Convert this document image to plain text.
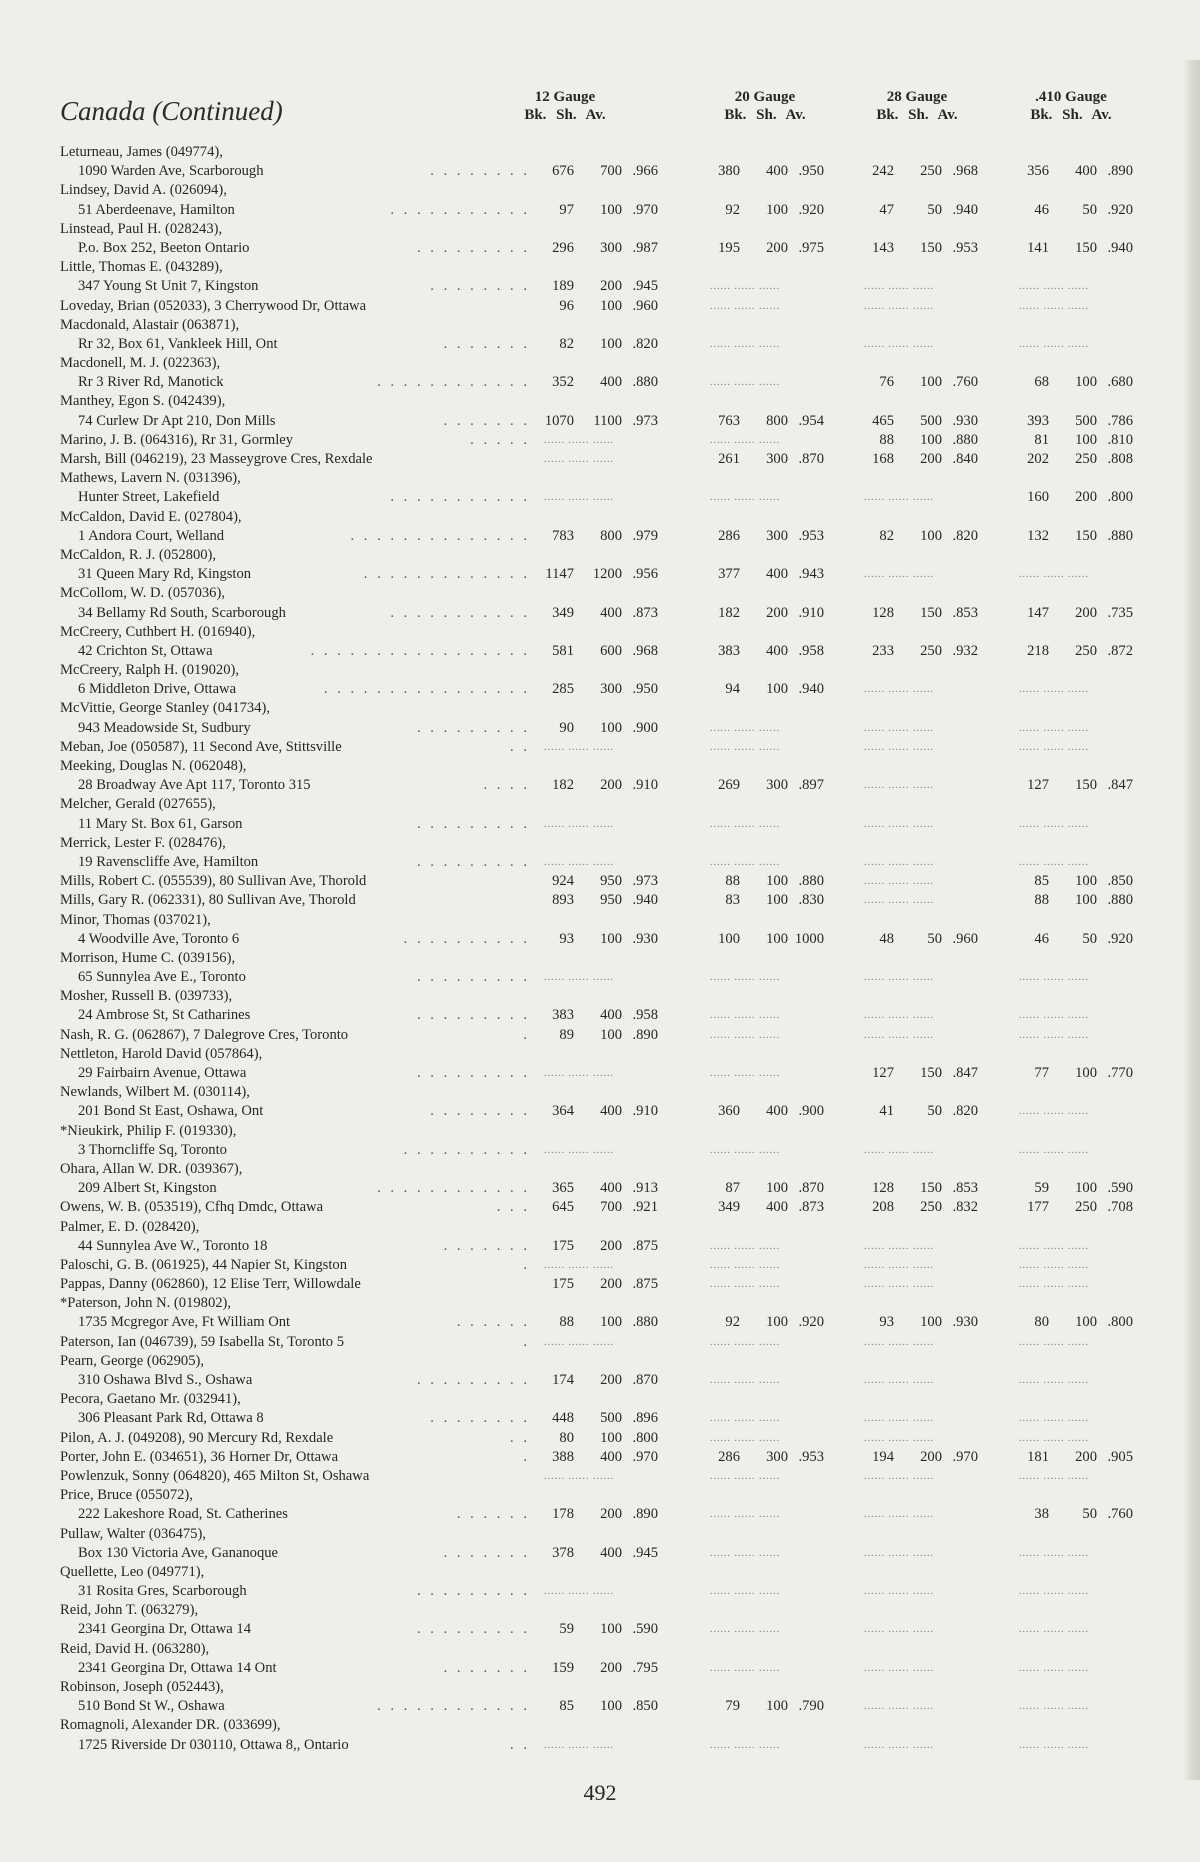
Canada (Continued)	12 Gauge
Bk. Sh. Av.
20 Gauge
Bk. Sh. Av.
28 Gauge
Bk. Sh. Av.
.410 Gauge
Bk. Sh. Av.
Leturneau, James (049774),
1090 Warden Ave, Scarborough	. . . . . . . .	676	700 .966	380	400 .950	242	250 .968	356	400 .890
Lindsey, David A. (026094),
51 Aberdeenave, Hamilton	. . . . . . . . . . .	97	100 .970	92	100 .920	47	50 .940	46	50 .920
Linstead, Paul H. (028243),
P.o. Box 252, Beeton Ontario	. . . . . . . . .	296	300 .987	195	200 .975	143	150 .953	141	150 .940
Little, Thomas E. (043289),
347 Young St Unit 7, Kingston	. . . . . . . .	189	200 .945	...... ...... ......	...... ...... ......	...... ...... ......
Loveday, Brian (052033), 3 Cherrywood Dr, Ottawa	96	100 .960	...... ...... ......	...... ...... ......	...... ...... ......
Macdonald, Alastair (063871),
Rr 32, Box 61, Vankleek Hill, Ont	. . . . . . .	82	100 .820	...... ...... ......	...... ...... ......	...... ...... ......
Macdonell, M. J. (022363),
Rr 3 River Rd, Manotick	. . . . . . . . . . . .	352	400 .880	...... ...... ......	76	100 .760	68	100 .680
Manthey, Egon S. (042439),
74 Curlew Dr Apt 210, Don Mills	. . . . . . .	1070	1100 .973	763	800 .954	465	500 .930	393	500 .786
Marino, J. B. (064316), Rr 31, Gormley	. . . . . ...... ...... ......	...... ...... ......	88	100 .880	81	100 .810
Marsh, Bill (046219), 23 Masseygrove Cres, Rexdale	...... ...... ......	261	300 .870	168	200 .840	202	250 .808
Mathews, Lavern N. (031396),
Hunter Street, Lakefield	. . . . . . . . . . . ...... ...... ......	...... ...... ......	...... ...... ......	160	200 .800
McCaldon, David E. (027804),
1 Andora Court, Welland	. . . . . . . . . . . . . .	783	800 .979	286	300 .953	82	100 .820	132	150 .880
McCaldon, R. J. (052800),
31 Queen Mary Rd, Kingston	. . . . . . . . . . . . .	1147	1200 .956	377	400 .943	...... ...... ......	...... ...... ......
McCollom, W. D. (057036),
34 Bellamy Rd South, Scarborough	. . . . . . . . . . .	349	400 .873	182	200 .910	128	150 .853	147	200 .735
McCreery, Cuthbert H. (016940),
42 Crichton St, Ottawa	. . . . . . . . . . . . . . . . .	581	600 .968	383	400 .958	233	250 .932	218	250 .872
McCreery, Ralph H. (019020),
6 Middleton Drive, Ottawa	. . . . . . . . . . . . . . . .	285	300 .950	94	100 .940	...... ...... ......	...... ...... ......
McVittie, George Stanley (041734),
943 Meadowside St, Sudbury	. . . . . . . . .	90	100 .900	...... ...... ......	...... ...... ......	...... ...... ......
Meban, Joe (050587), 11 Second Ave, Stittsville	. . ...... ...... ......	...... ...... ......	...... ...... ......	...... ...... ......
Meeking, Douglas N. (062048),
28 Broadway Ave Apt 117, Toronto 315	. . . .	182	200 .910	269	300 .897	...... ...... ......	127	150 .847
Melcher, Gerald (027655),
11 Mary St. Box 61, Garson	. . . . . . . . . ...... ...... ......	...... ...... ......	...... ...... ......	...... ...... ......
Merrick, Lester F. (028476),
19 Ravenscliffe Ave, Hamilton	. . . . . . . . . ...... ...... ......	...... ...... ......	...... ...... ......	...... ...... ......
Mills, Robert C. (055539), 80 Sullivan Ave, Thorold	924	950 .973	88	100 .880	...... ...... ......	85	100 .850
Mills, Gary R. (062331), 80 Sullivan Ave, Thorold	893	950 .940	83	100 .830	...... ...... ......	88	100 .880
Minor, Thomas (037021),
4 Woodville Ave, Toronto 6	. . . . . . . . . .	93	100 .930	100	100 1000	48	50 .960	46	50 .920
Morrison, Hume C. (039156),
65 Sunnylea Ave E., Toronto	. . . . . . . . . ...... ...... ......	...... ...... ......	...... ...... ......	...... ...... ......
Mosher, Russell B. (039733),
24 Ambrose St, St Catharines	. . . . . . . . .	383	400 .958	...... ...... ......	...... ...... ......	...... ...... ......
Nash, R. G. (062867), 7 Dalegrove Cres, Toronto	.	89	100 .890	...... ...... ......	...... ...... ......	...... ...... ......
Nettleton, Harold David (057864),
29 Fairbairn Avenue, Ottawa	. . . . . . . . . ...... ...... ......	...... ...... ......	127	150 .847	77	100 .770
Newlands, Wilbert M. (030114),
201 Bond St East, Oshawa, Ont	. . . . . . . .	364	400 .910	360	400 .900	41	50 .820	...... ...... ......
*Nieukirk, Philip F. (019330),
3 Thorncliffe Sq, Toronto	. . . . . . . . . . ...... ...... ......	...... ...... ......	...... ...... ......	...... ...... ......
Ohara, Allan W. DR. (039367),
209 Albert St, Kingston	. . . . . . . . . . . .	365	400 .913	87	100 .870	128	150 .853	59	100 .590
Owens, W. B. (053519), Cfhq Dmdc, Ottawa	. . .	645	700 .921	349	400 .873	208	250 .832	177	250 .708
Palmer, E. D. (028420),
44 Sunnylea Ave W., Toronto 18	. . . . . . .	175	200 .875	...... ...... ......	...... ...... ......	...... ...... ......
Paloschi, G. B. (061925), 44 Napier St, Kingston	. ...... ...... ......	...... ...... ......	...... ...... ......	...... ...... ......
Pappas, Danny (062860), 12 Elise Terr, Willowdale	175	200 .875	...... ...... ......	...... ...... ......	...... ...... ......
*Paterson, John N. (019802),
1735 Mcgregor Ave, Ft William Ont	. . . . . .	88	100 .880	92	100 .920	93	100 .930	80	100 .800
Paterson, Ian (046739), 59 Isabella St, Toronto 5	. ...... ...... ......	...... ...... ......	...... ...... ......	...... ...... ......
Pearn, George (062905),
310 Oshawa Blvd S., Oshawa	. . . . . . . . .	174	200 .870	...... ...... ......	...... ...... ......	...... ...... ......
Pecora, Gaetano Mr. (032941),
306 Pleasant Park Rd, Ottawa 8	. . . . . . . .	448	500 .896	...... ...... ......	...... ...... ......	...... ...... ......
Pilon, A. J. (049208), 90 Mercury Rd, Rexdale	. .	80	100 .800	...... ...... ......	...... ...... ......	...... ...... ......
Porter, John E. (034651), 36 Horner Dr, Ottawa	.	388	400 .970	286	300 .953	194	200 .970	181	200 .905
Powlenzuk, Sonny (064820), 465 Milton St, Oshawa	...... ...... ......	...... ...... ......	...... ...... ......	...... ...... ......
Price, Bruce (055072),
222 Lakeshore Road, St. Catherines	. . . . . .	178	200 .890	...... ...... ......	...... ...... ......	38	50 .760
Pullaw, Walter (036475),
Box 130 Victoria Ave, Gananoque	. . . . . . .	378	400 .945	...... ...... ......	...... ...... ......	...... ...... ......
Quellette, Leo (049771),
31 Rosita Gres, Scarborough	. . . . . . . . . ...... ...... ......	...... ...... ......	...... ...... ......	...... ...... ......
Reid, John T. (063279),
2341 Georgina Dr, Ottawa 14	. . . . . . . . .	59	100 .590	...... ...... ......	...... ...... ......	...... ...... ......
Reid, David H. (063280),
2341 Georgina Dr, Ottawa 14 Ont	. . . . . . .	159	200 .795	...... ...... ......	...... ...... ......	...... ...... ......
Robinson, Joseph (052443),
510 Bond St W., Oshawa	. . . . . . . . . . . .	85	100 .850	79	100 .790	...... ...... ......	...... ...... ......
Romagnoli, Alexander DR. (033699),
1725 Riverside Dr 030110, Ottawa 8,, Ontario	. . ...... ...... ......	...... ...... ......	...... ...... ......	...... ...... ......
492
